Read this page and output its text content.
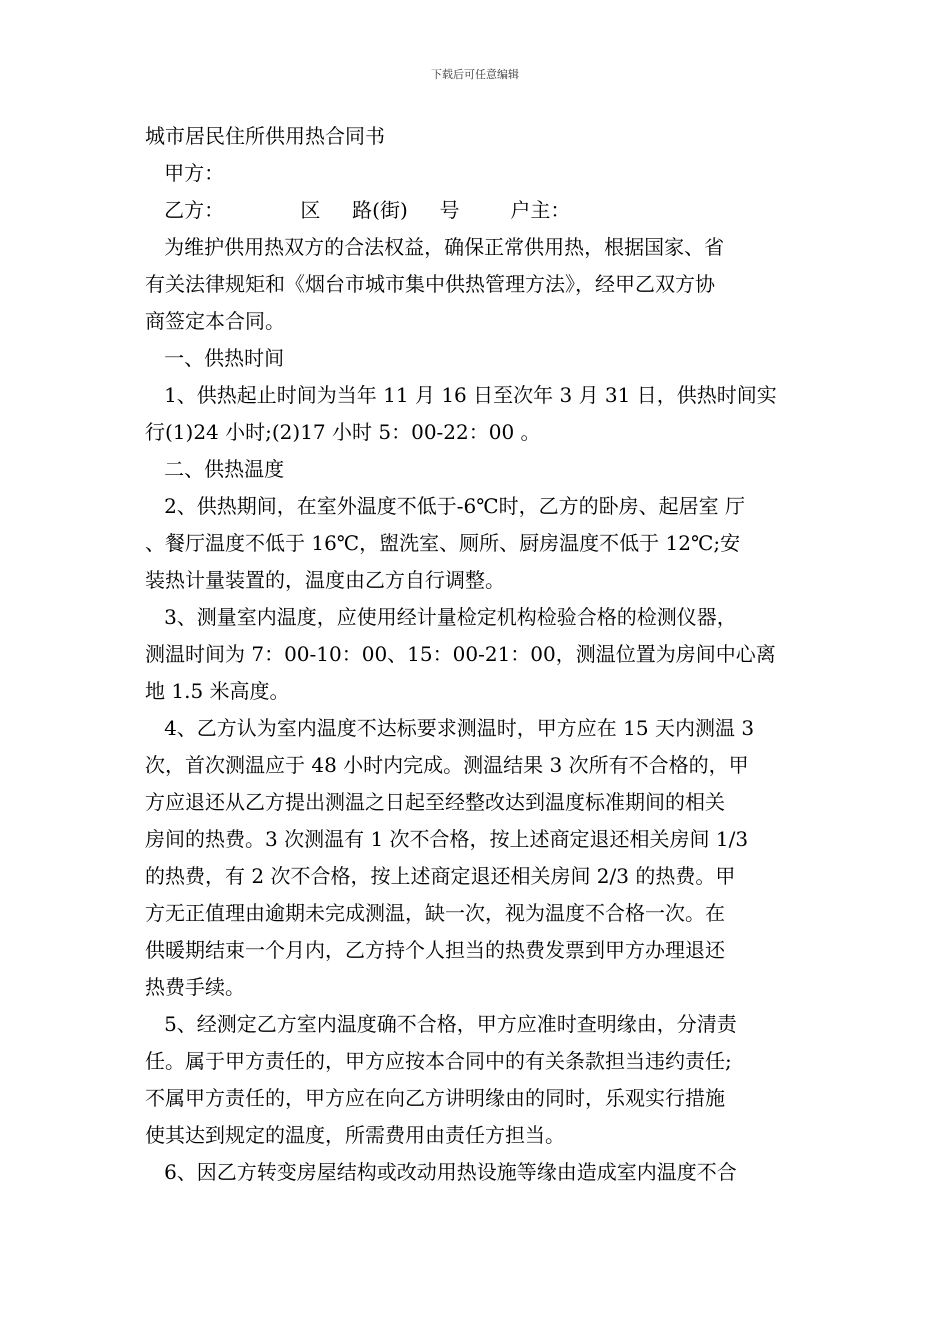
下载后可任意编辑
城市居民住所供用热合同书
甲方：
乙方：            区     路(街)     号        户主：
为维护供用热双方的合法权益，确保正常供用热，根据国家、省
有关法律规矩和《烟台市城市集中供热管理方法》，经甲乙双方协
商签定本合同。
一、供热时间
1、供热起止时间为当年 11 月 16 日至次年 3 月 31 日，供热时间实
行(1)24 小时;(2)17 小时 5：00-22：00 。
二、供热温度
2、供热期间，在室外温度不低于-6℃时，乙方的卧房、起居室 厅
、餐厅温度不低于 16℃，盥洗室、厕所、厨房温度不低于 12℃;安
装热计量装置的，温度由乙方自行调整。
3、测量室内温度，应使用经计量检定机构检验合格的检测仪器，
测温时间为 7：00-10：00、15：00-21：00，测温位置为房间中心离
地 1.5 米高度。
4、乙方认为室内温度不达标要求测温时，甲方应在 15 天内测温 3
次，首次测温应于 48 小时内完成。测温结果 3 次所有不合格的，甲
方应退还从乙方提出测温之日起至经整改达到温度标准期间的相关
房间的热费。3 次测温有 1 次不合格，按上述商定退还相关房间 1/3
的热费，有 2 次不合格，按上述商定退还相关房间 2/3 的热费。甲
方无正值理由逾期未完成测温，缺一次，视为温度不合格一次。在
供暖期结束一个月内，乙方持个人担当的热费发票到甲方办理退还
热费手续。
5、经测定乙方室内温度确不合格，甲方应准时查明缘由，分清责
任。属于甲方责任的，甲方应按本合同中的有关条款担当违约责任;
不属甲方责任的，甲方应在向乙方讲明缘由的同时，乐观实行措施
使其达到规定的温度，所需费用由责任方担当。
6、因乙方转变房屋结构或改动用热设施等缘由造成室内温度不合
